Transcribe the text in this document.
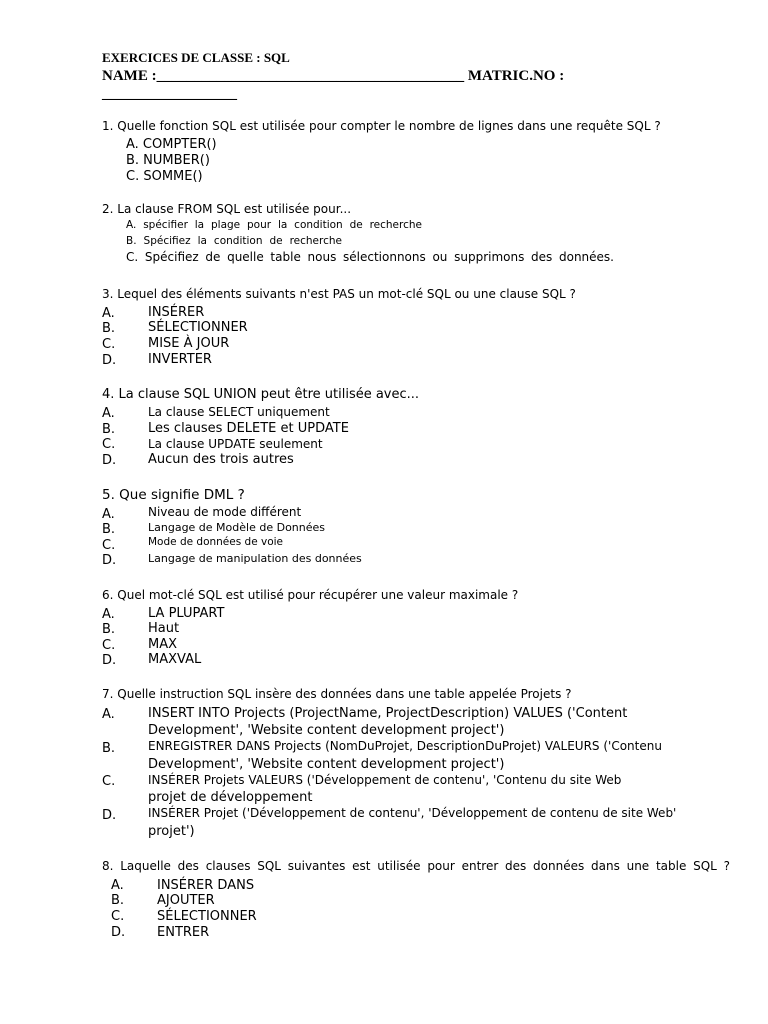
EXERCICES DE CLASSE : SQL
NAME :_________________________________________ MATRIC.NO :
__________________
1. Quelle fonction SQL est utilisée pour compter le nombre de lignes dans une requête SQL ?
A. COMPTER()
B. NUMBER()
C. SOMME()
2. La clause FROM SQL est utilisée pour...
A. spécifier la plage pour la condition de recherche
B. Spécifiez la condition de recherche
C. Spécifiez de quelle table nous sélectionnons ou supprimons des données.
3. Lequel des éléments suivants n'est PAS un mot-clé SQL ou une clause SQL ?
A.	INSÉRER
B.	SÉLECTIONNER
C.	MISE À JOUR
D. INVERTER
4. La clause SQL UNION peut être utilisée avec...
A.	La clause SELECT uniquement
B.	Les clauses DELETE et UPDATE
C.	La clause UPDATE seulement
D. Aucun des trois autres
5. Que signifie DML ?
A.	Niveau de mode différent
B.	Langage de Modèle de Données
C.	Mode de données de voie
D.	Langage de manipulation des données
6. Quel mot-clé SQL est utilisé pour récupérer une valeur maximale ?
A.	LA PLUPART
B.	Haut
C.	MAX
D. MAXVAL
7. Quelle instruction SQL insère des données dans une table appelée Projets ?
A.	INSERT INTO Projects (ProjectName, ProjectDescription) VALUES ('Content
Development', 'Website content development project')
B.	ENREGISTRER DANS Projects (NomDuProjet, DescriptionDuProjet) VALEURS ('Contenu
Development', 'Website content development project')
C.	INSÉRER Projets VALEURS ('Développement de contenu', 'Contenu du site Web
projet de développement
D.	INSÉRER Projet ('Développement de contenu', 'Développement de contenu de site Web'
projet')
8. Laquelle des clauses SQL suivantes est utilisée pour entrer des données dans une table SQL ?
A.	INSÉRER DANS
B.	AJOUTER
C.	SÉLECTIONNER
D. ENTRER
